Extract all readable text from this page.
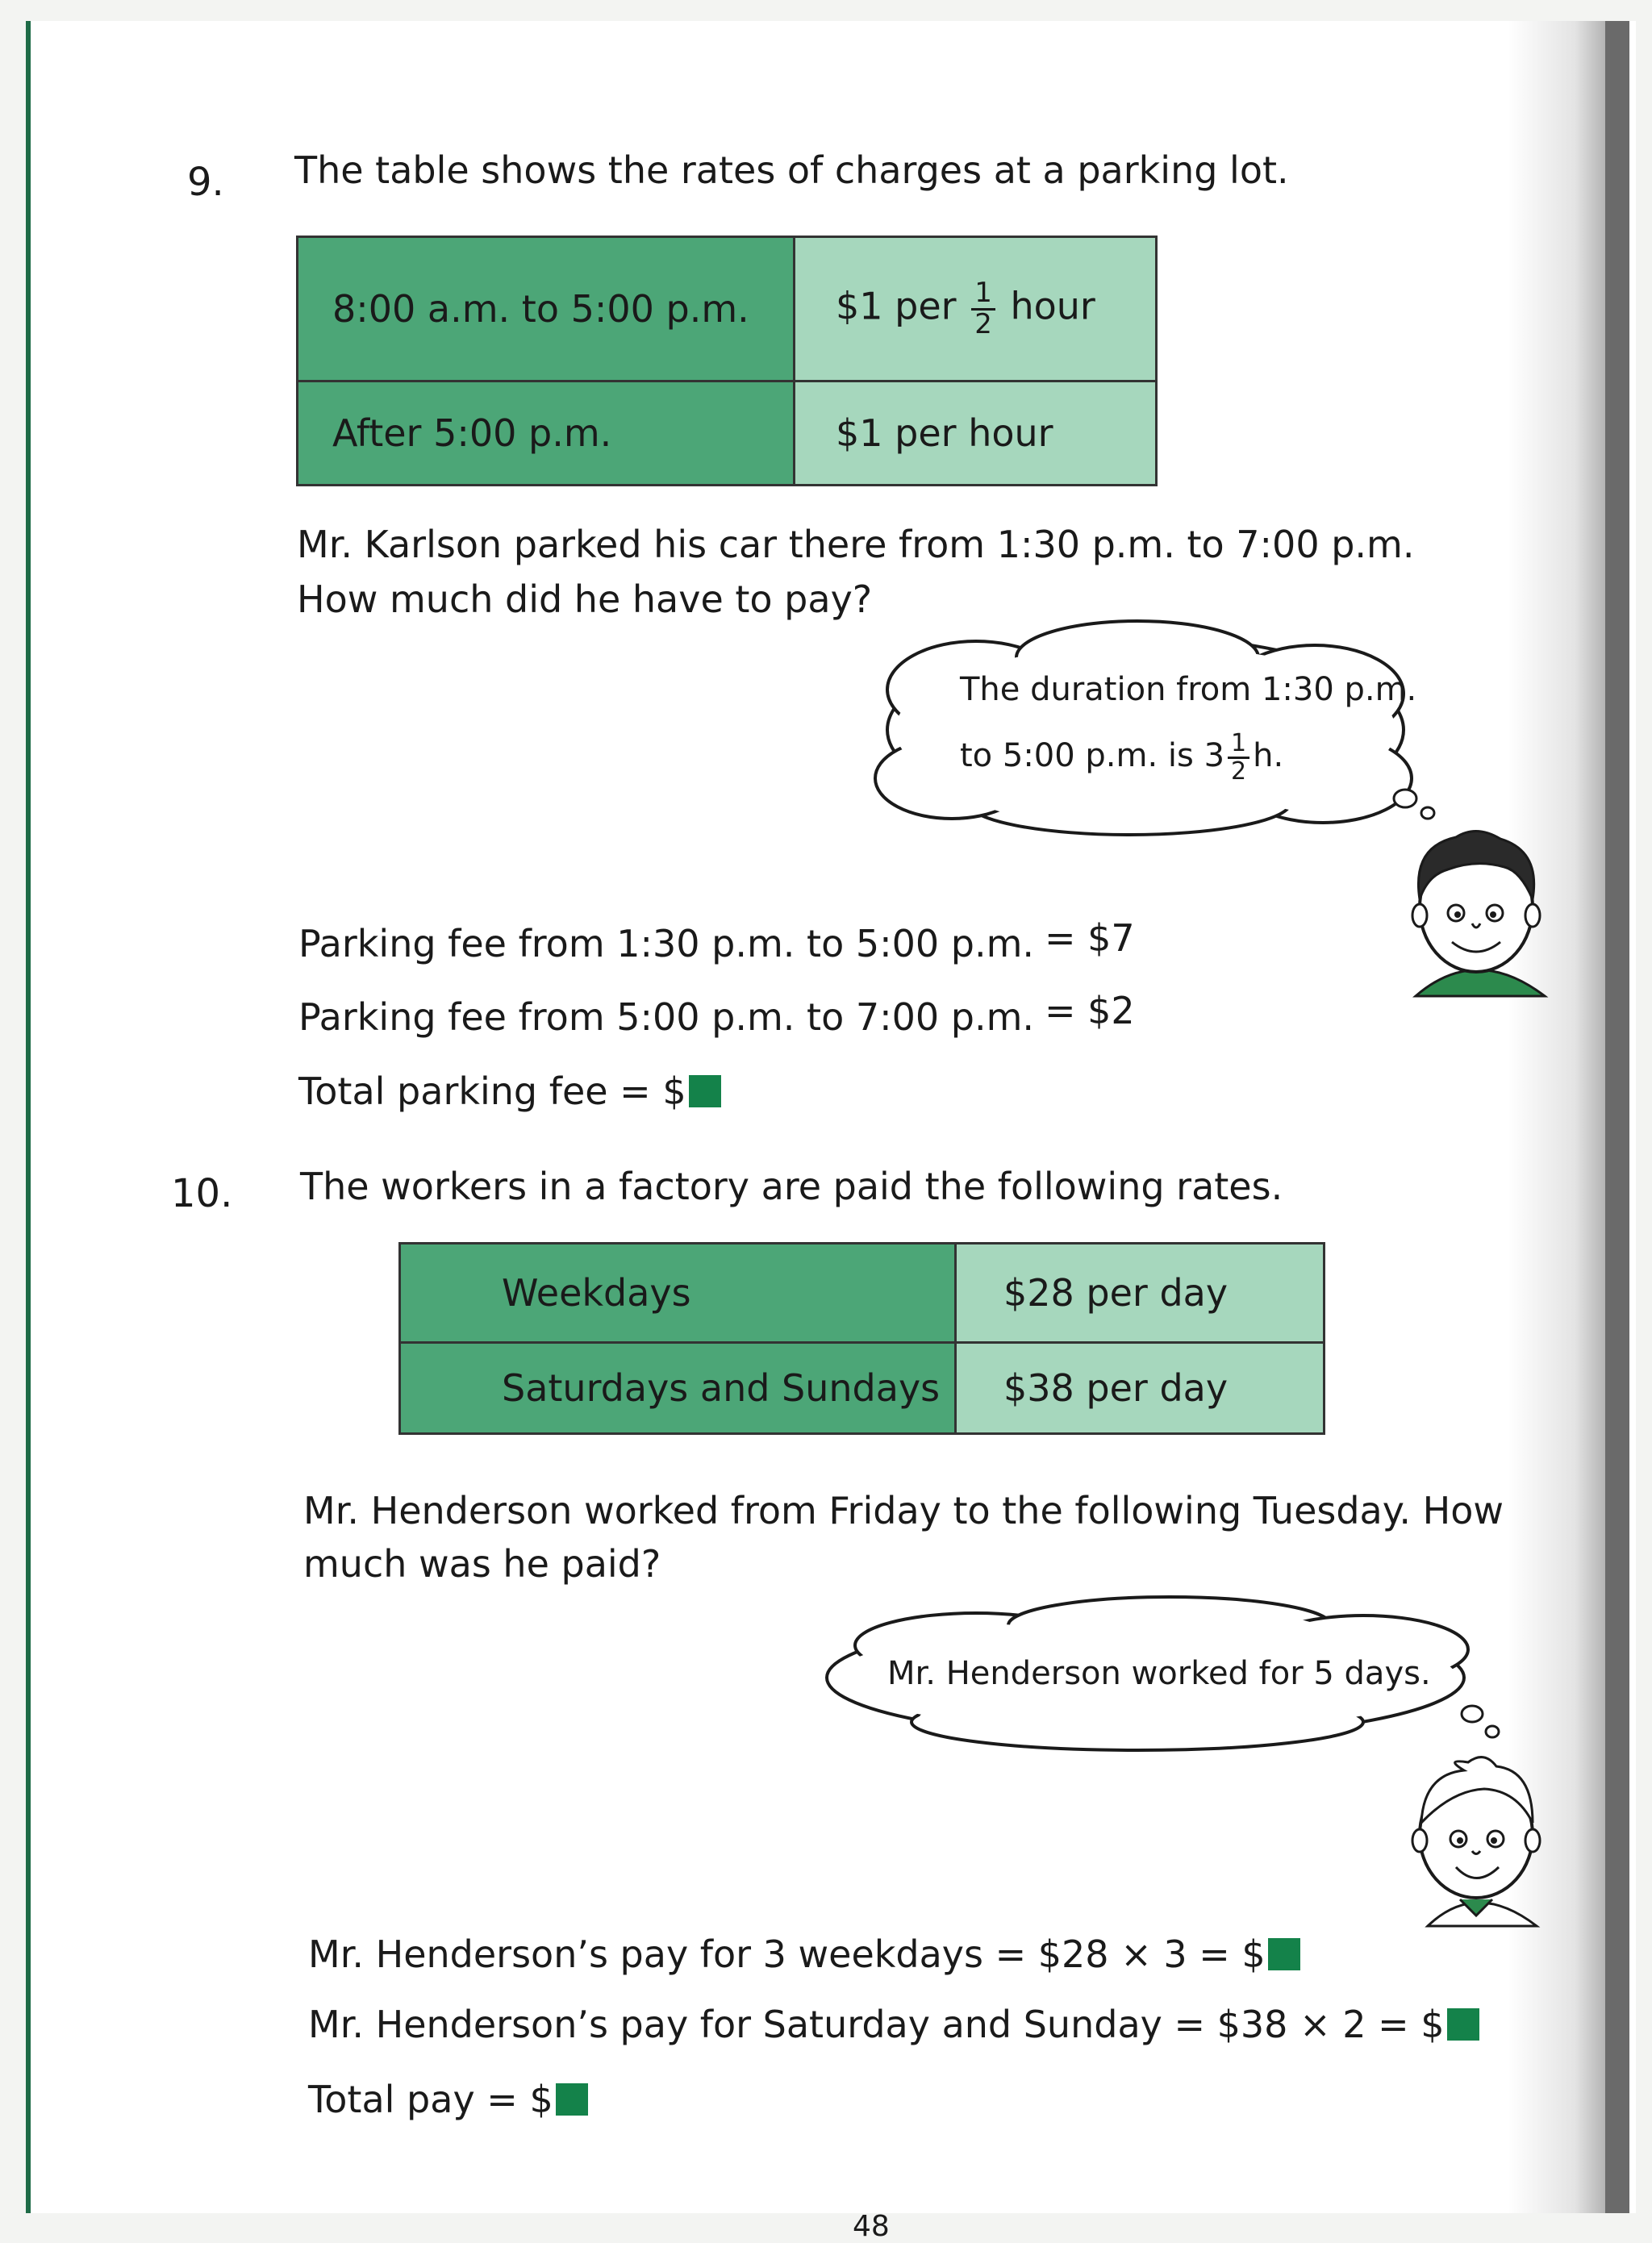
9. The table shows the rates of charges at a parking lot.
8:00 a.m. to 5:00 p.m.	$1 per $\frac{1}{2}$ hour
After 5:00 p.m.	$1 per hour
Mr. Karlson parked his car there from 1:30 p.m. to 7:00 p.m.
How much did he have to pay?
The duration from 1:30 p.m.
to 5:00 p.m. is $3 \frac{1}{2} h$.
Parking fee from 1:30 p.m. to 5:00 p.m. = $7
Parking fee from 5:00 p.m. to 7:00 p.m. = $2
Total parking fee = $
10. The workers in a factory are paid the following rates.
Weekdays	$28 per day
Saturdays and Sundays	$38 per day
Mr. Henderson worked from Friday to the following Tuesday. How
much was he paid?
Mr. Henderson worked for 5 days.
Mr. Henderson’s pay for 3 weekdays = $28 × 3 = $
Mr. Henderson’s pay for Saturday and Sunday = $38 × 2 = $
Total pay = $
48
